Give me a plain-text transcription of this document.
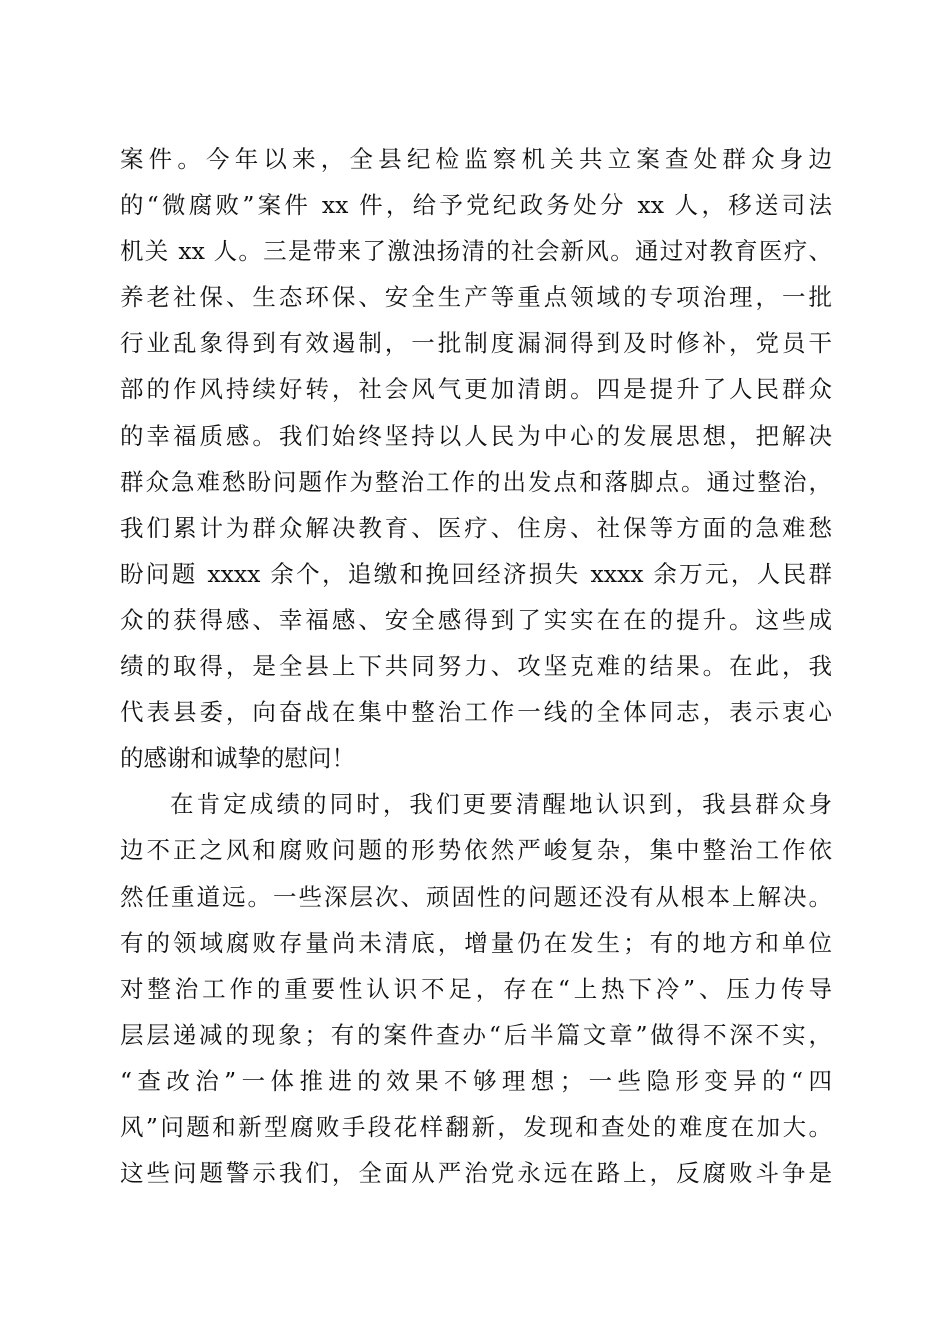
案件。今年以来，全县纪检监察机关共立案查处群众身边
的“微腐败”案件 xx 件，给予党纪政务处分 xx 人，移送司法
机关 xx 人。三是带来了激浊扬清的社会新风。通过对教育医疗、
养老社保、生态环保、安全生产等重点领域的专项治理，一批
行业乱象得到有效遏制，一批制度漏洞得到及时修补，党员干
部的作风持续好转，社会风气更加清朗。四是提升了人民群众
的幸福质感。我们始终坚持以人民为中心的发展思想，把解决
群众急难愁盼问题作为整治工作的出发点和落脚点。通过整治，
我们累计为群众解决教育、医疗、住房、社保等方面的急难愁
盼问题 xxxx 余个，追缴和挽回经济损失 xxxx 余万元，人民群
众的获得感、幸福感、安全感得到了实实在在的提升。这些成
绩的取得，是全县上下共同努力、攻坚克难的结果。在此，我
代表县委，向奋战在集中整治工作一线的全体同志，表示衷心
的感谢和诚挚的慰问！
在肯定成绩的同时，我们更要清醒地认识到，我县群众身
边不正之风和腐败问题的形势依然严峻复杂，集中整治工作依
然任重道远。一些深层次、顽固性的问题还没有从根本上解决。
有的领域腐败存量尚未清底，增量仍在发生；有的地方和单位
对整治工作的重要性认识不足，存在“上热下冷”、压力传导
层层递减的现象；有的案件查办“后半篇文章”做得不深不实，
“查改治”一体推进的效果不够理想；一些隐形变异的“四
风”问题和新型腐败手段花样翻新，发现和查处的难度在加大。
这些问题警示我们，全面从严治党永远在路上，反腐败斗争是
